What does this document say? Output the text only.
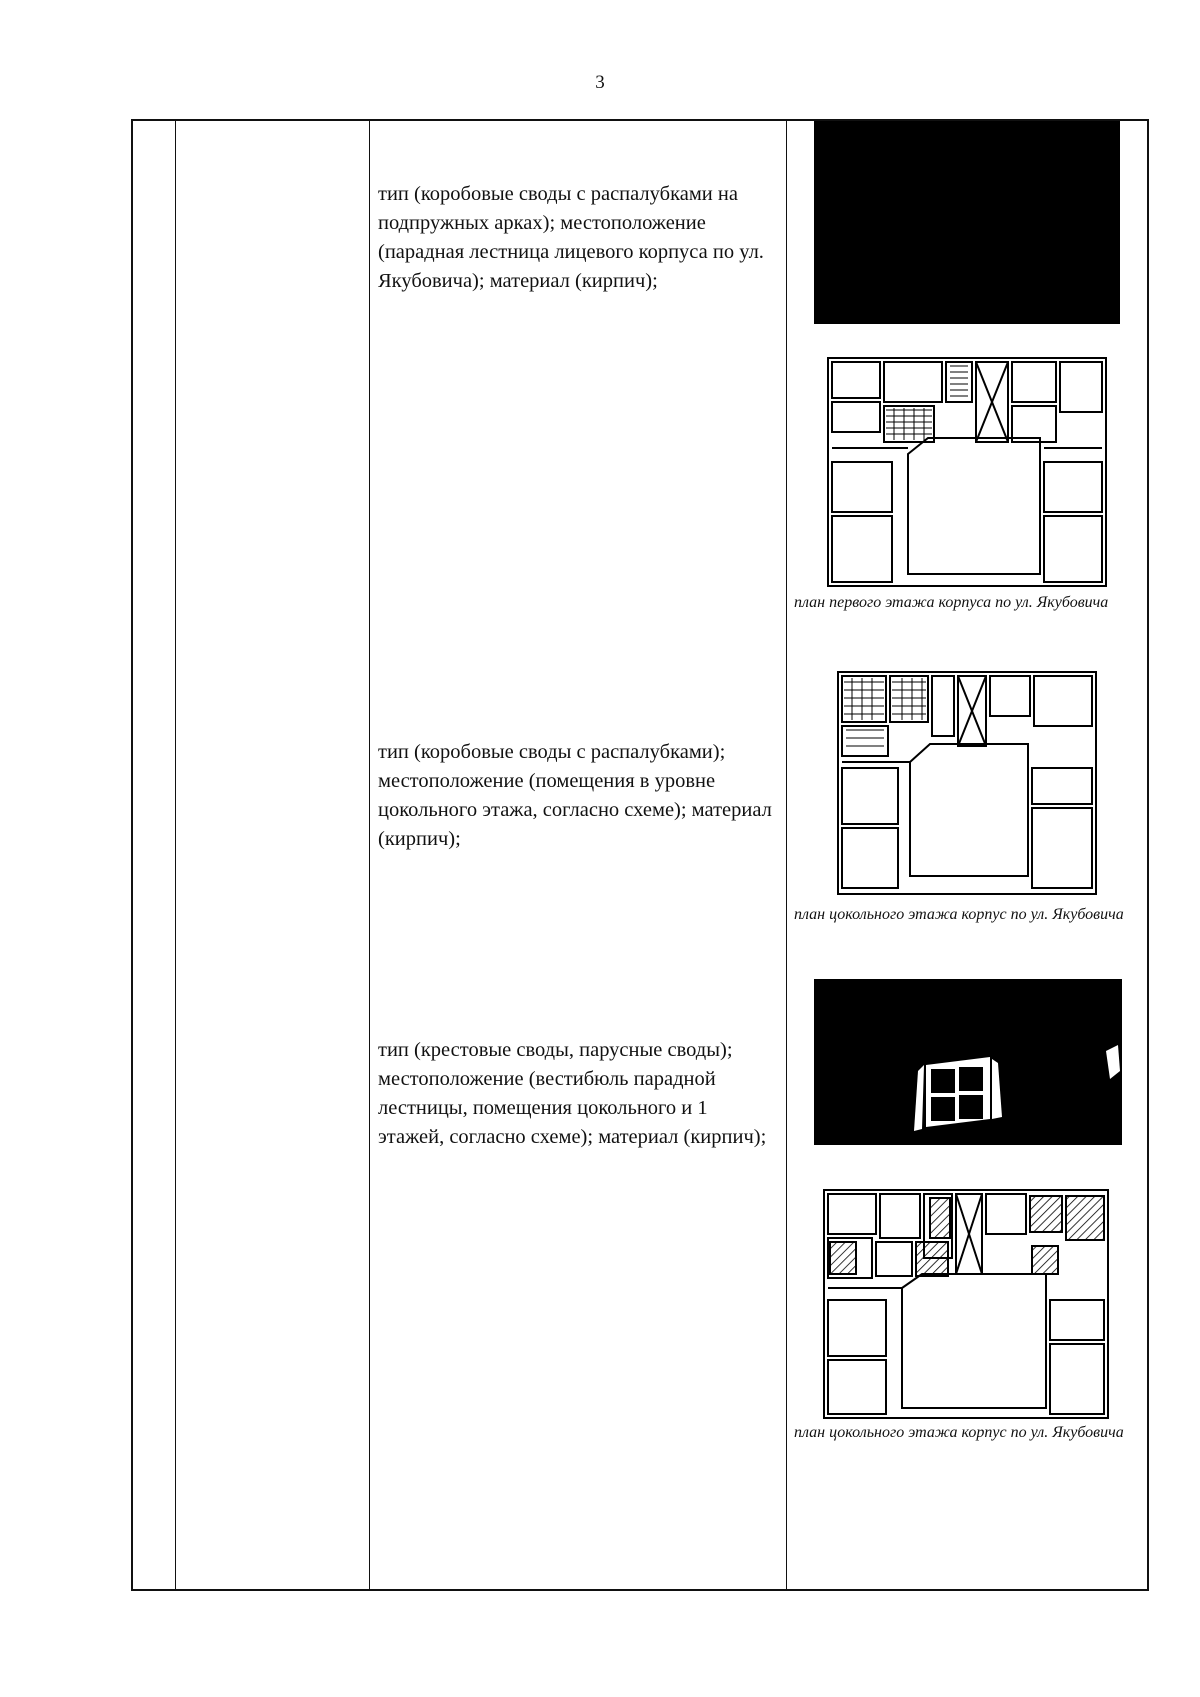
3
тип (коробовые своды с распалубками на подпружных арках); местоположение (парадная лестница лицевого корпуса по ул. Якубовича); материал (кирпич);
план первого этажа корпуса по ул. Якубовича
тип (коробовые своды с распалубками); местоположение (помещения в уровне цокольного этажа, согласно схеме); материал (кирпич);
план цокольного этажа корпус по ул. Якубовича
тип (крестовые своды, парусные своды); местоположение (вестибюль парадной лестницы, помещения цокольного и 1 этажей, согласно схеме); материал (кирпич);
план цокольного этажа корпус по ул. Якубовича
